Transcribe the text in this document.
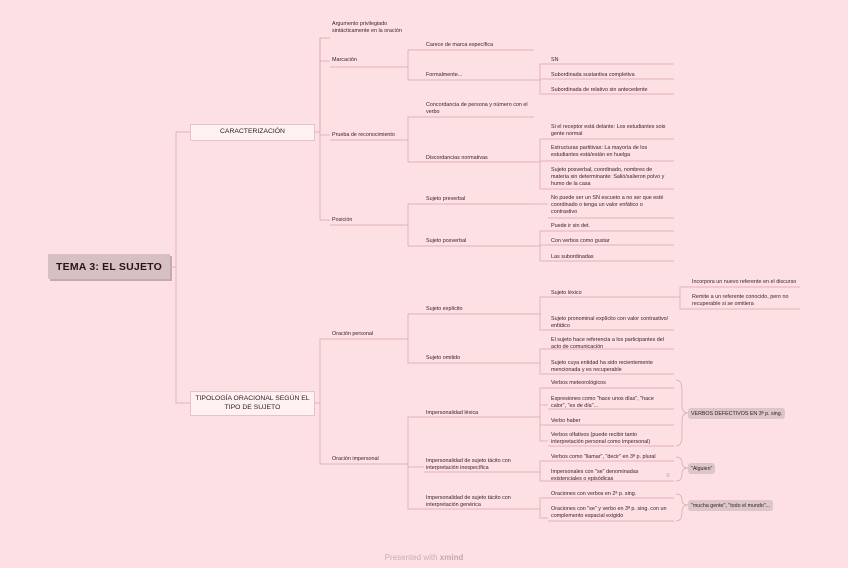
TEMA 3: EL SUJETO
CARACTERIZACIÓN
TIPOLOGÍA ORACIONAL SEGÚN EL TIPO DE SUJETO
Argumento privilegiado sintácticamente en la oración
Marcación
Carece de marca específica
Formalmente...
SN
Subordinada sustantiva completiva
Subordinada de relativo sin antecedente
Prueba de reconocimiento
Concordancia de persona y número con el verbo
Discordancias normativas
Si el receptor está delante: Los estudiantes sois gente normal
Estructuras partitivas: La mayoría de los estudiantes está/están en huelga
Sujeto posverbal, coordinado, nombres de materia sin determinante: Salió/salieron polvo y humo de la casa
Posición
Sujeto preverbal	No puede ser un SN escueto a no ser que esté coordinado o tenga un valor enfático o contrastivo
Sujeto posverbal
Puede ir sin det.
Con verbos como gustar
Las subordinadas
Oración personal
Sujeto explícito
Sujeto léxico
Incorpora un nuevo referente en el discurso
Remite a un referente conocido, pero no recuperable si se omitiera
Sujeto pronominal explícito con valor contrastivo/ enfático
Sujeto omitido
El sujeto hace referencia a los participantes del acto de comunicación
Sujeto cuya entidad ha sido recientemente mencionada y es recuperable
Oración impersonal
Impersonalidad léxica
Verbos meteorológicos
Expresiones como "hace unos días", "hace calor", "es de día"...
Verbo haber
Verbos olfativos (puede recibir tanto interpretación personal como impersonal)
VERBOS DEFECTIVOS EN 3ª p. sing.
Impersonalidad de sujeto tácito con interpretación inespecífica
Verbos como "llamar", "decir" en 3ª p. plural
Impersonales con "se" denominadas existenciales o episódicas	≡
"Alguien"
Impersonalidad de sujeto tácito con interpretación genérica
Oraciones con verbos en 2ª p. sing.
Oraciones con "se" y verbo en 3ª p. sing. con un complemento espacial exigido
"mucha gente", "todo el mundo"...
Presented with xmind
